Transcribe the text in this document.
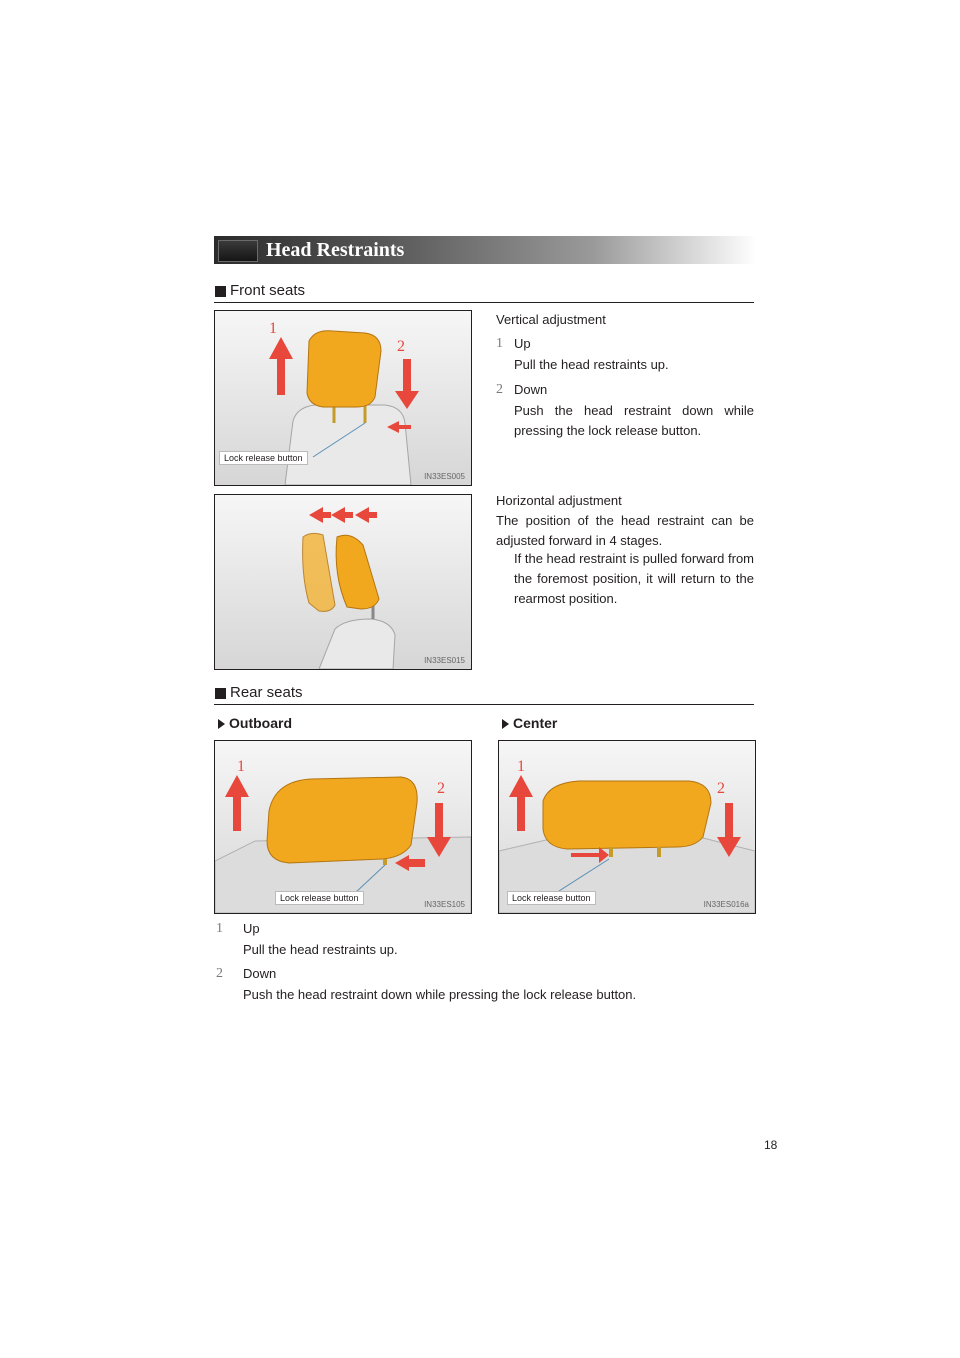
Head Restraints
Front seats
1
2
Lock release button
IN33ES005
Vertical adjustment
1 Up
Pull the head restraints up.
2 Down
Push the head restraint down while pressing the lock release button.
IN33ES015
Horizontal adjustment
The position of the head restraint can be adjusted forward in 4 stages.
If the head restraint is pulled forward from the foremost position, it will return to the rearmost position.
Rear seats
Outboard	Center
1
2
Lock release button
IN33ES105
1
2
Lock release button
IN33ES016a
1	Up
Pull the head restraints up.
2	Down
Push the head restraint down while pressing the lock release button.
18
